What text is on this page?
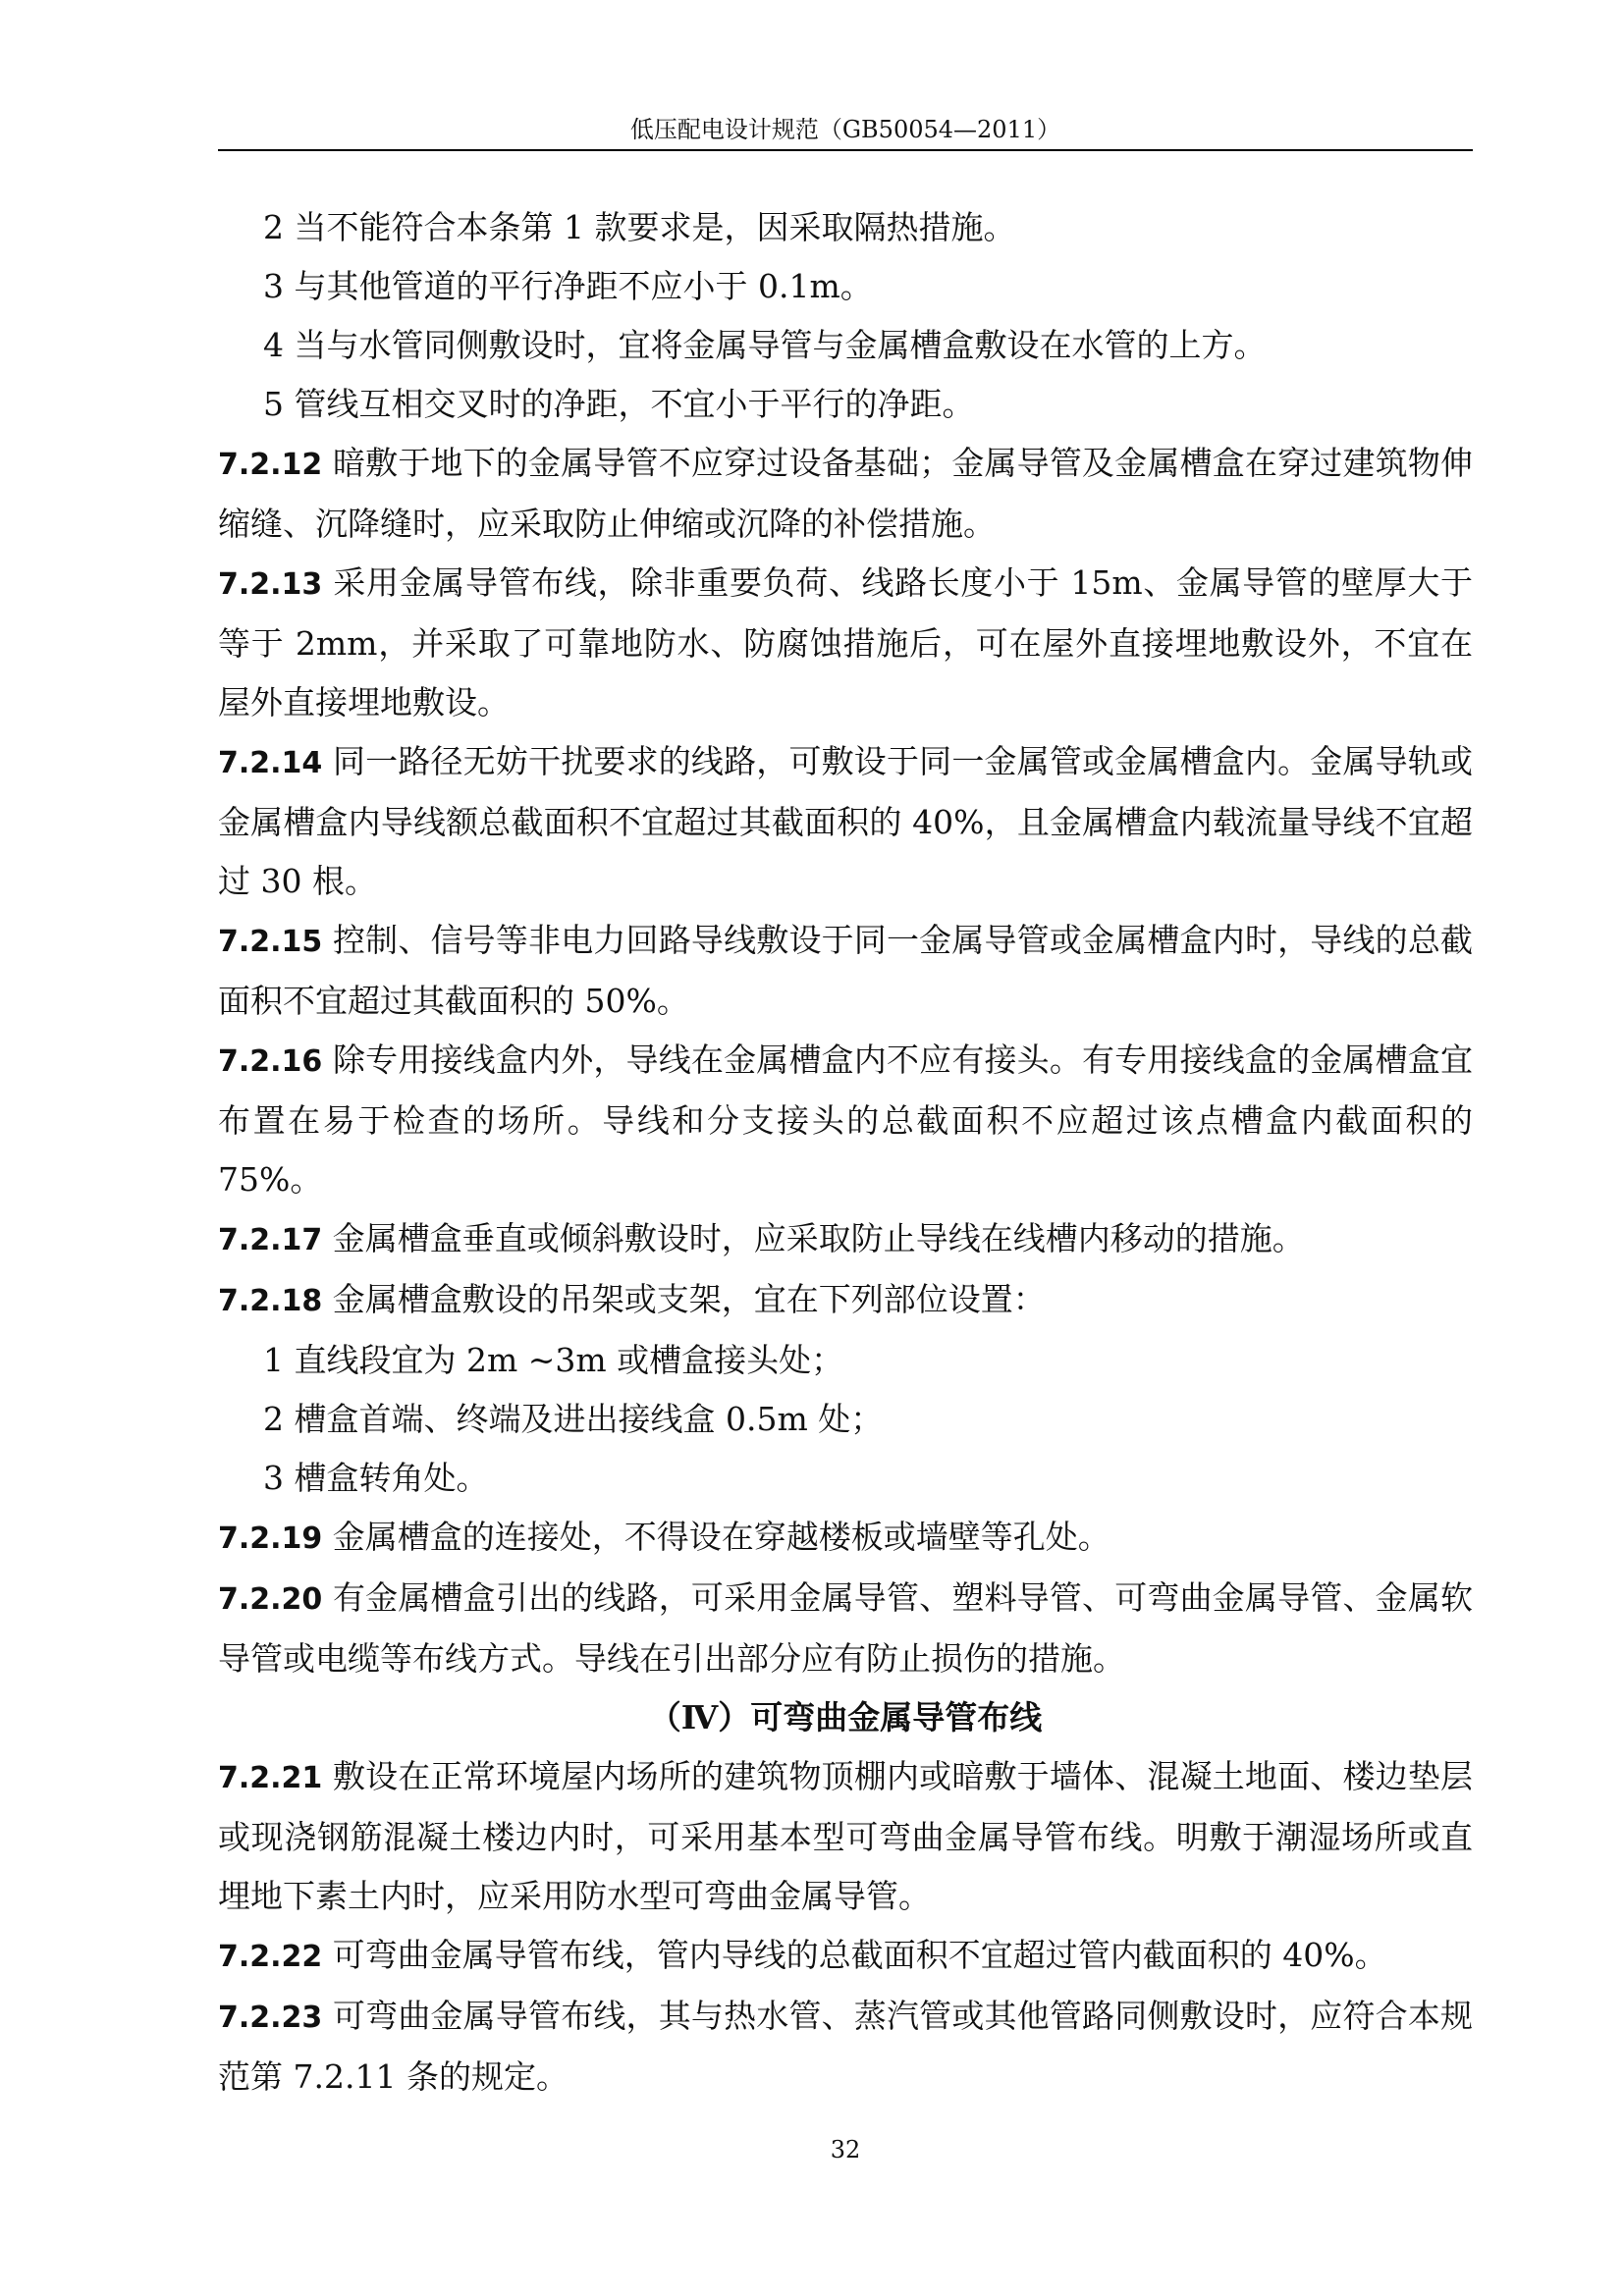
低压配电设计规范（GB50054—2011）

2 当不能符合本条第 1 款要求是，因采取隔热措施。

3 与其他管道的平行净距不应小于 0.1m。

4 当与水管同侧敷设时，宜将金属导管与金属槽盒敷设在水管的上方。

5 管线互相交叉时的净距，不宜小于平行的净距。

7.2.12 暗敷于地下的金属导管不应穿过设备基础；金属导管及金属槽盒在穿过建筑物伸缩缝、沉降缝时，应采取防止伸缩或沉降的补偿措施。

7.2.13 采用金属导管布线，除非重要负荷、线路长度小于 15m、金属导管的壁厚大于等于 2mm，并采取了可靠地防水、防腐蚀措施后，可在屋外直接埋地敷设外，不宜在屋外直接埋地敷设。

7.2.14 同一路径无妨干扰要求的线路，可敷设于同一金属管或金属槽盒内。金属导轨或金属槽盒内导线额总截面积不宜超过其截面积的 40%，且金属槽盒内载流量导线不宜超过 30 根。

7.2.15 控制、信号等非电力回路导线敷设于同一金属导管或金属槽盒内时，导线的总截面积不宜超过其截面积的 50%。

7.2.16 除专用接线盒内外，导线在金属槽盒内不应有接头。有专用接线盒的金属槽盒宜布置在易于检查的场所。导线和分支接头的总截面积不应超过该点槽盒内截面积的 75%。

7.2.17 金属槽盒垂直或倾斜敷设时，应采取防止导线在线槽内移动的措施。

7.2.18 金属槽盒敷设的吊架或支架，宜在下列部位设置：

1 直线段宜为 2m ~3m 或槽盒接头处；

2 槽盒首端、终端及进出接线盒 0.5m 处；

3 槽盒转角处。

7.2.19 金属槽盒的连接处，不得设在穿越楼板或墙壁等孔处。

7.2.20 有金属槽盒引出的线路，可采用金属导管、塑料导管、可弯曲金属导管、金属软导管或电缆等布线方式。导线在引出部分应有防止损伤的措施。

（Ⅳ）可弯曲金属导管布线

7.2.21 敷设在正常环境屋内场所的建筑物顶棚内或暗敷于墙体、混凝土地面、楼边垫层或现浇钢筋混凝土楼边内时，可采用基本型可弯曲金属导管布线。明敷于潮湿场所或直埋地下素土内时，应采用防水型可弯曲金属导管。

7.2.22 可弯曲金属导管布线，管内导线的总截面积不宜超过管内截面积的 40%。

7.2.23 可弯曲金属导管布线，其与热水管、蒸汽管或其他管路同侧敷设时，应符合本规范第 7.2.11 条的规定。

32
